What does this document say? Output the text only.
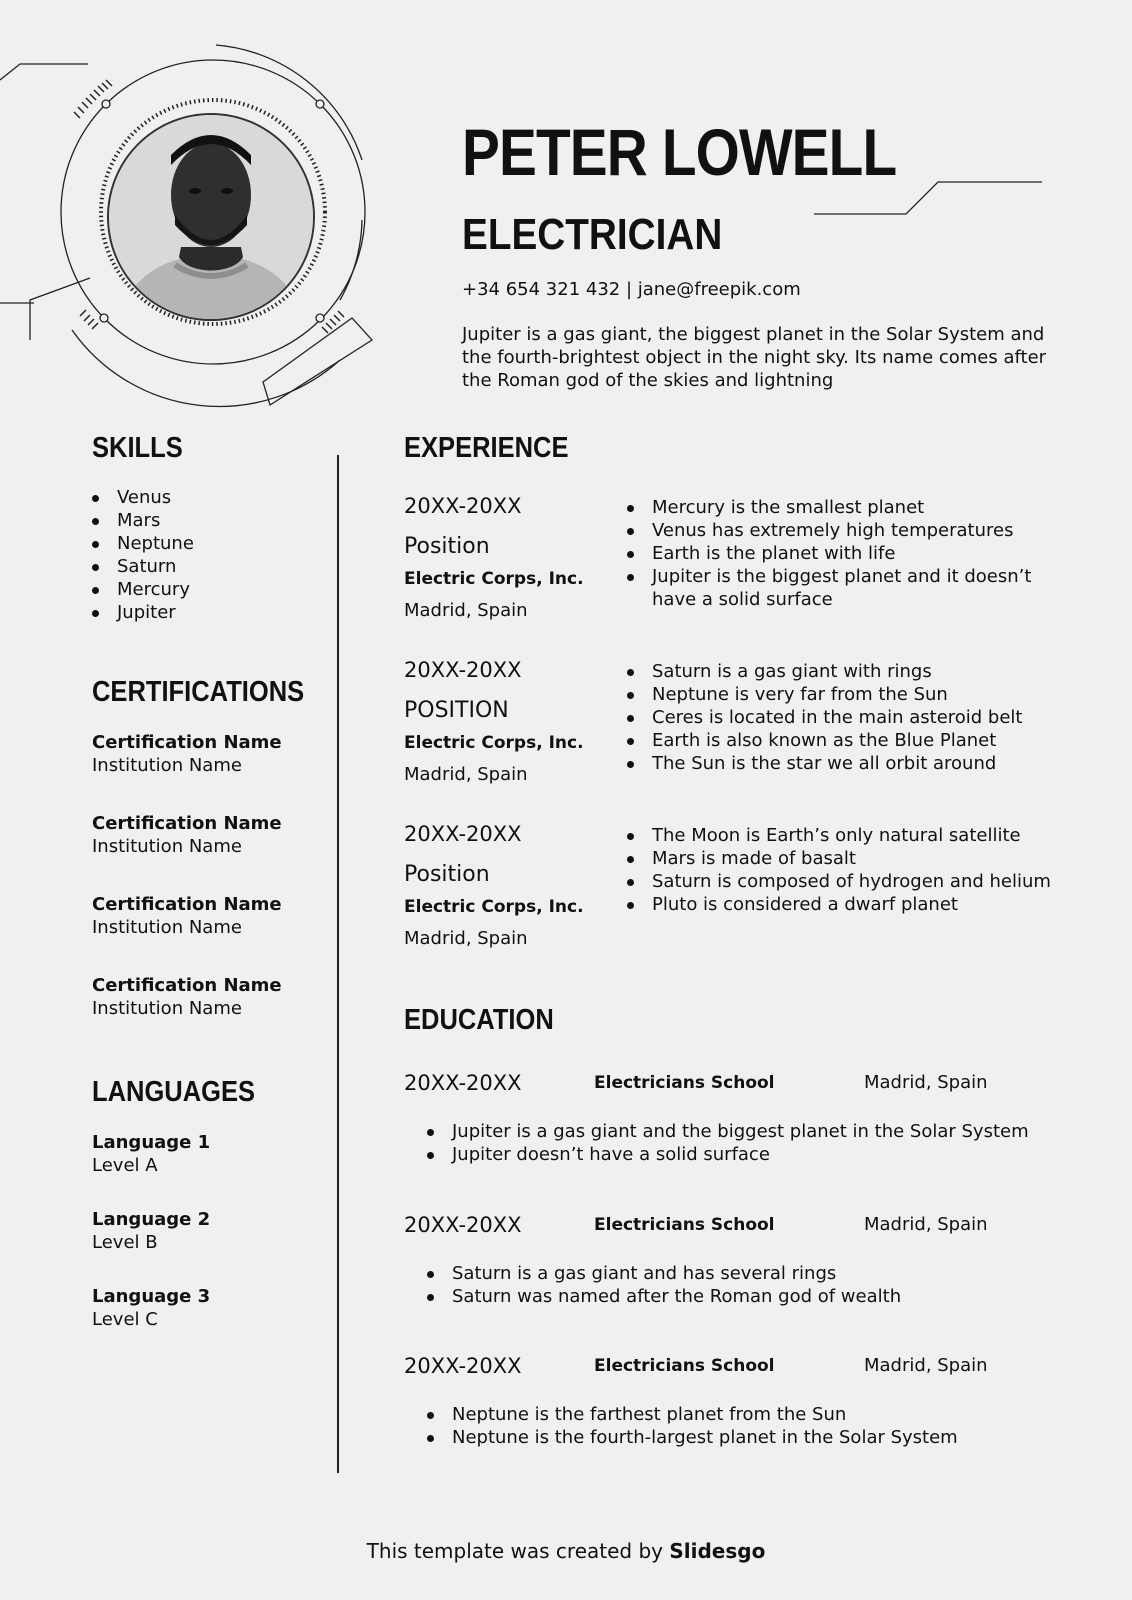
PETER LOWELL
ELECTRICIAN
+34 654 321 432 | jane@freepik.com
Jupiter is a gas giant, the biggest planet in the Solar System and the fourth-brightest object in the night sky. Its name comes after the Roman god of the skies and lightning
SKILLS
Venus
Mars
Neptune
Saturn
Mercury
Jupiter
CERTIFICATIONS
Certification Name
Institution Name
Certification Name
Institution Name
Certification Name
Institution Name
Certification Name
Institution Name
LANGUAGES
Language 1
Level A
Language 2
Level B
Language 3
Level C
EXPERIENCE
20XX-20XX
Position
Electric Corps, Inc.
Madrid, Spain
Mercury is the smallest planet
Venus has extremely high temperatures
Earth is the planet with life
Jupiter is the biggest planet and it doesn’t have a solid surface
20XX-20XX
POSITION
Electric Corps, Inc.
Madrid, Spain
Saturn is a gas giant with rings
Neptune is very far from the Sun
Ceres is located in the main asteroid belt
Earth is also known as the Blue Planet
The Sun is the star we all orbit around
20XX-20XX
Position
Electric Corps, Inc.
Madrid, Spain
The Moon is Earth’s only natural satellite
Mars is made of basalt
Saturn is composed of hydrogen and helium
Pluto is considered a dwarf planet
EDUCATION
20XX-20XX	Electricians School	Madrid, Spain
Jupiter is a gas giant and the biggest planet in the Solar System
Jupiter doesn’t have a solid surface
20XX-20XX	Electricians School	Madrid, Spain
Saturn is a gas giant and has several rings
Saturn was named after the Roman god of wealth
20XX-20XX	Electricians School	Madrid, Spain
Neptune is the farthest planet from the Sun
Neptune is the fourth-largest planet in the Solar System
This template was created by Slidesgo
